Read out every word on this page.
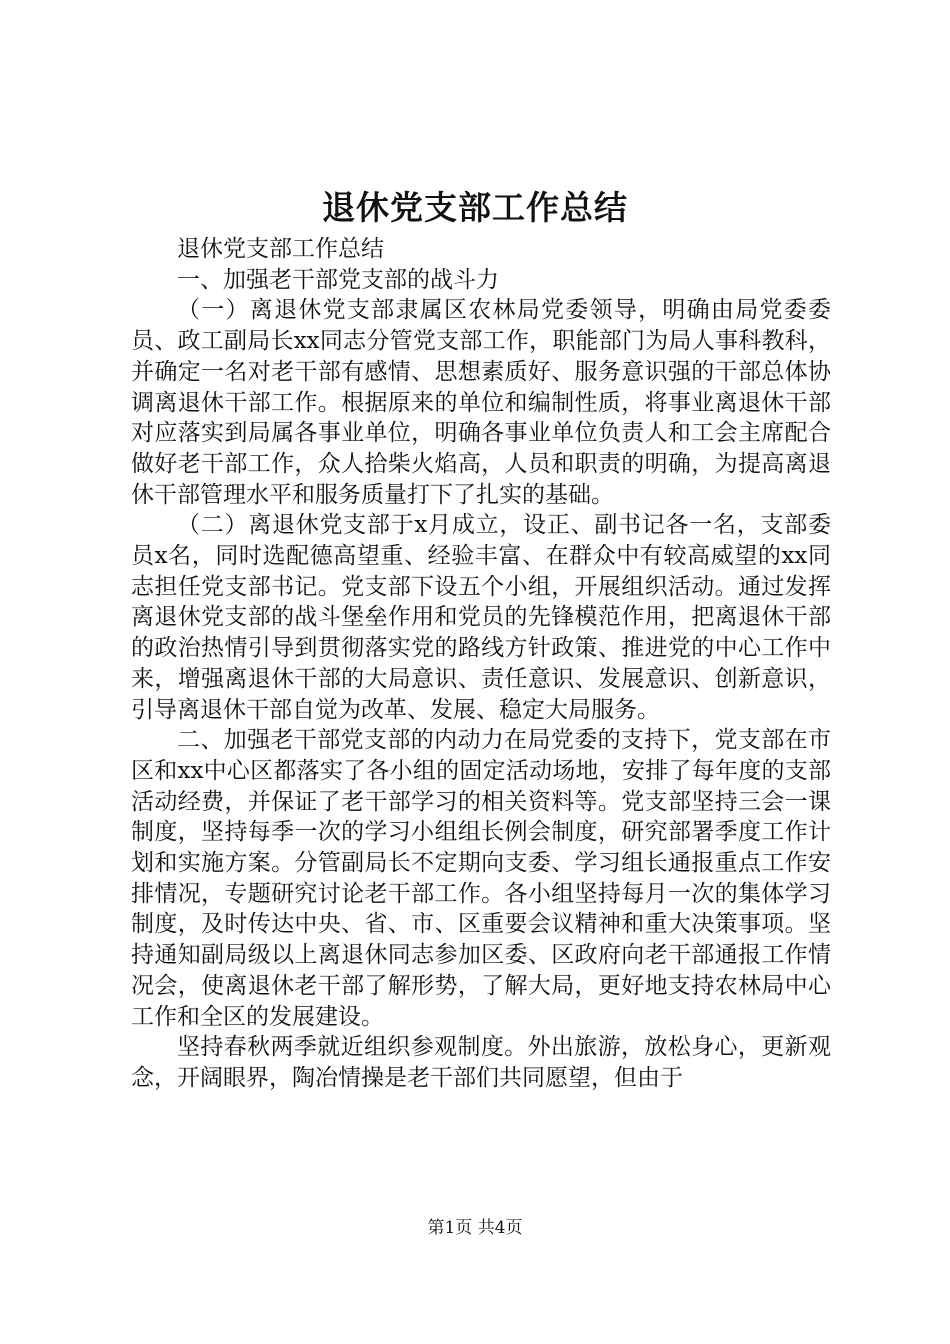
退休党支部工作总结

退休党支部工作总结

一、加强老干部党支部的战斗力

（一）离退休党支部隶属区农林局党委领导，明确由局党委委员、政工副局长xx同志分管党支部工作，职能部门为局人事科教科，并确定一名对老干部有感情、思想素质好、服务意识强的干部总体协调离退休干部工作。根据原来的单位和编制性质，将事业离退休干部对应落实到局属各事业单位，明确各事业单位负责人和工会主席配合做好老干部工作，众人拾柴火焰高，人员和职责的明确，为提高离退休干部管理水平和服务质量打下了扎实的基础。

（二）离退休党支部于x月成立，设正、副书记各一名，支部委员x名，同时选配德高望重、经验丰富、在群众中有较高威望的xx同志担任党支部书记。党支部下设五个小组，开展组织活动。通过发挥离退休党支部的战斗堡垒作用和党员的先锋模范作用，把离退休干部的政治热情引导到贯彻落实党的路线方针政策、推进党的中心工作中来，增强离退休干部的大局意识、责任意识、发展意识、创新意识，引导离退休干部自觉为改革、发展、稳定大局服务。

二、加强老干部党支部的内动力在局党委的支持下，党支部在市区和xx中心区都落实了各小组的固定活动场地，安排了每年度的支部活动经费，并保证了老干部学习的相关资料等。党支部坚持三会一课制度，坚持每季一次的学习小组组长例会制度，研究部署季度工作计划和实施方案。分管副局长不定期向支委、学习组长通报重点工作安排情况，专题研究讨论老干部工作。各小组坚持每月一次的集体学习制度，及时传达中央、省、市、区重要会议精神和重大决策事项。坚持通知副局级以上离退休同志参加区委、区政府向老干部通报工作情况会，使离退休老干部了解形势，了解大局，更好地支持农林局中心工作和全区的发展建设。

坚持春秋两季就近组织参观制度。外出旅游，放松身心，更新观念，开阔眼界，陶冶情操是老干部们共同愿望，但由于

第1页 共4页
